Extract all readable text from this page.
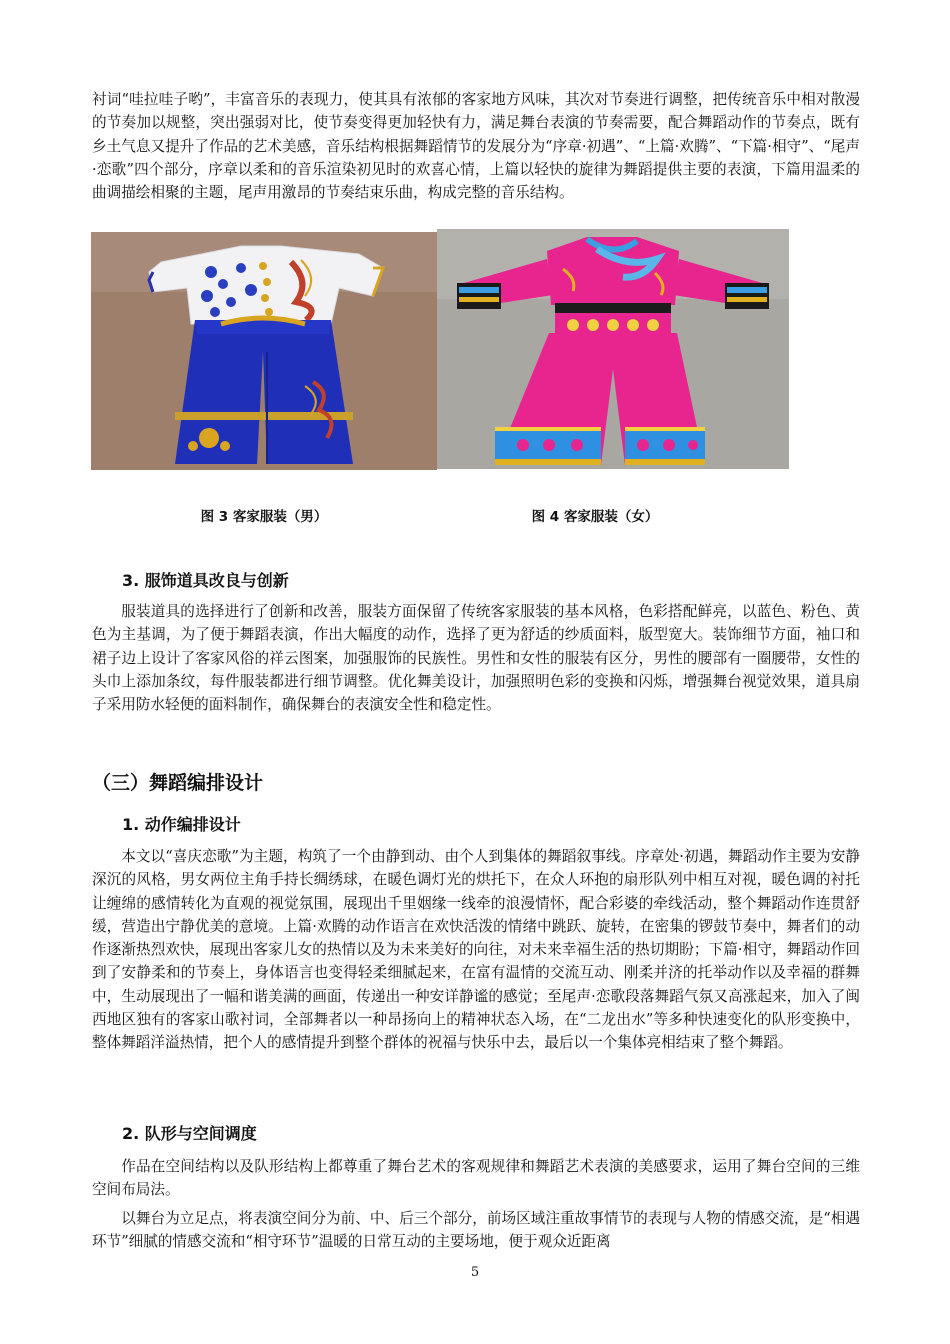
衬词“哇拉哇子哟”，丰富音乐的表现力，使其具有浓郁的客家地方风味，其次对节奏进行调整，把传统音乐中相对散漫的节奏加以规整，突出强弱对比，使节奏变得更加轻快有力，满足舞台表演的节奏需要，配合舞蹈动作的节奏点，既有乡土气息又提升了作品的艺术美感，音乐结构根据舞蹈情节的发展分为“序章·初遇”、“上篇·欢腾”、“下篇·相守”、“尾声·恋歌”四个部分，序章以柔和的音乐渲染初见时的欢喜心情，上篇以轻快的旋律为舞蹈提供主要的表演，下篇用温柔的曲调描绘相聚的主题，尾声用激昂的节奏结束乐曲，构成完整的音乐结构。

图 3 客家服装（男）	图 4 客家服装（女）

3. 服饰道具改良与创新

服装道具的选择进行了创新和改善，服装方面保留了传统客家服装的基本风格，色彩搭配鲜亮，以蓝色、粉色、黄色为主基调，为了便于舞蹈表演，作出大幅度的动作，选择了更为舒适的纱质面料，版型宽大。装饰细节方面，袖口和裙子边上设计了客家风俗的祥云图案，加强服饰的民族性。男性和女性的服装有区分，男性的腰部有一圈腰带，女性的头巾上添加条纹，每件服装都进行细节调整。优化舞美设计，加强照明色彩的变换和闪烁，增强舞台视觉效果，道具扇子采用防水轻便的面料制作，确保舞台的表演安全性和稳定性。

（三）舞蹈编排设计
1. 动作编排设计

本文以“喜庆恋歌”为主题，构筑了一个由静到动、由个人到集体的舞蹈叙事线。序章处·初遇，舞蹈动作主要为安静深沉的风格，男女两位主角手持长绸绣球，在暖色调灯光的烘托下，在众人环抱的扇形队列中相互对视，暖色调的衬托让缠绵的感情转化为直观的视觉氛围，展现出千里姻缘一线牵的浪漫情怀，配合彩婆的牵线活动，整个舞蹈动作连贯舒缓，营造出宁静优美的意境。上篇·欢腾的动作语言在欢快活泼的情绪中跳跃、旋转，在密集的锣鼓节奏中，舞者们的动作逐渐热烈欢快，展现出客家儿女的热情以及为未来美好的向往，对未来幸福生活的热切期盼；下篇·相守，舞蹈动作回到了安静柔和的节奏上，身体语言也变得轻柔细腻起来，在富有温情的交流互动、刚柔并济的托举动作以及幸福的群舞中，生动展现出了一幅和谐美满的画面，传递出一种安详静谧的感觉；至尾声·恋歌段落舞蹈气氛又高涨起来，加入了闽西地区独有的客家山歌衬词，全部舞者以一种昂扬向上的精神状态入场，在“二龙出水”等多种快速变化的队形变换中，整体舞蹈洋溢热情，把个人的感情提升到整个群体的祝福与快乐中去，最后以一个集体亮相结束了整个舞蹈。

2. 队形与空间调度

作品在空间结构以及队形结构上都尊重了舞台艺术的客观规律和舞蹈艺术表演的美感要求，运用了舞台空间的三维空间布局法。

以舞台为立足点，将表演空间分为前、中、后三个部分，前场区域注重故事情节的表现与人物的情感交流，是“相遇环节”细腻的情感交流和“相守环节”温暖的日常互动的主要场地，便于观众近距离

5
